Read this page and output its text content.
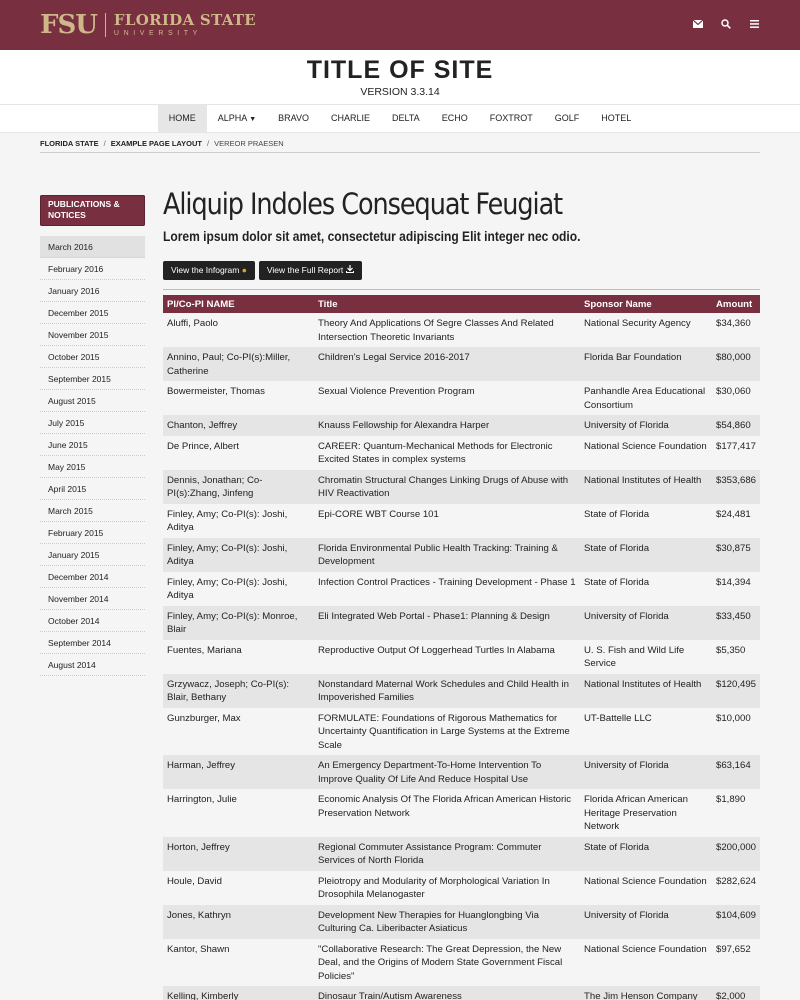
FSU FLORIDA STATE
UNIVERSITY
TITLE OF SITE
VERSION 3.3.14
HOME	ALPHA ▼	BRAVO	CHARLIE	DELTA	ECHO	FOXTROT	GOLF	HOTEL
FLORIDA STATE / EXAMPLE PAGE LAYOUT / VEREOR PRAESEN
PUBLICATIONS & NOTICES
March 2016
February 2016
January 2016
December 2015
November 2015
October 2015
September 2015
August 2015
July 2015
June 2015
May 2015
April 2015
March 2015
February 2015
January 2015
December 2014
November 2014
October 2014
September 2014
August 2014
Aliquip Indoles Consequat Feugiat

Lorem ipsum dolor sit amet, consectetur adipiscing Elit integer nec odio.

View the Infogram ●	View the Full Report
PI/Co-PI NAME	Title	Sponsor Name	Amount
Aluffi, Paolo	Theory And Applications Of Segre Classes And Related Intersection Theoretic Invariants	National Security Agency	$34,360
Annino, Paul; Co-PI(s):Miller, Catherine	Children's Legal Service 2016-2017	Florida Bar Foundation	$80,000
Bowermeister, Thomas	Sexual Violence Prevention Program	Panhandle Area Educational Consortium	$30,060
Chanton, Jeffrey	Knauss Fellowship for Alexandra Harper	University of Florida	$54,860
De Prince, Albert	CAREER: Quantum-Mechanical Methods for Electronic Excited States in complex systems	National Science Foundation	$177,417
Dennis, Jonathan; Co-PI(s):Zhang, Jinfeng	Chromatin Structural Changes Linking Drugs of Abuse with HIV Reactivation	National Institutes of Health	$353,686
Finley, Amy; Co-PI(s): Joshi, Aditya	Epi-CORE WBT Course 101	State of Florida	$24,481
Finley, Amy; Co-PI(s): Joshi, Aditya	Florida Environmental Public Health Tracking: Training & Development	State of Florida	$30,875
Finley, Amy; Co-PI(s): Joshi, Aditya	Infection Control Practices - Training Development - Phase 1	State of Florida	$14,394
Finley, Amy; Co-PI(s): Monroe, Blair	Eli Integrated Web Portal - Phase1: Planning & Design	University of Florida	$33,450
Fuentes, Mariana	Reproductive Output Of Loggerhead Turtles In Alabama	U. S. Fish and Wild Life Service	$5,350
Grzywacz, Joseph; Co-PI(s): Blair, Bethany	Nonstandard Maternal Work Schedules and Child Health in Impoverished Families	National Institutes of Health	$120,495
Gunzburger, Max	FORMULATE: Foundations of Rigorous Mathematics for Uncertainty Quantification in Large Systems at the Extreme Scale	UT-Battelle LLC	$10,000
Harman, Jeffrey	An Emergency Department-To-Home Intervention To Improve Quality Of Life And Reduce Hospital Use	University of Florida	$63,164
Harrington, Julie	Economic Analysis Of The Florida African American Historic Preservation Network	Florida African American Heritage Preservation Network	$1,890
Horton, Jeffrey	Regional Commuter Assistance Program: Commuter Services of North Florida	State of Florida	$200,000
Houle, David	Pleiotropy and Modularity of Morphological Variation In Drosophila Melanogaster	National Science Foundation	$282,624
Jones, Kathryn	Development New Therapies for Huanglongbing Via Culturing Ca. Liberibacter Asiaticus	University of Florida	$104,609
Kantor, Shawn	"Collaborative Research: The Great Depression, the New Deal, and the Origins of Modern State Government Fiscal Policies"	National Science Foundation	$97,652
Kelling, Kimberly	Dinosaur Train/Autism Awareness	The Jim Henson Company	$2,000
